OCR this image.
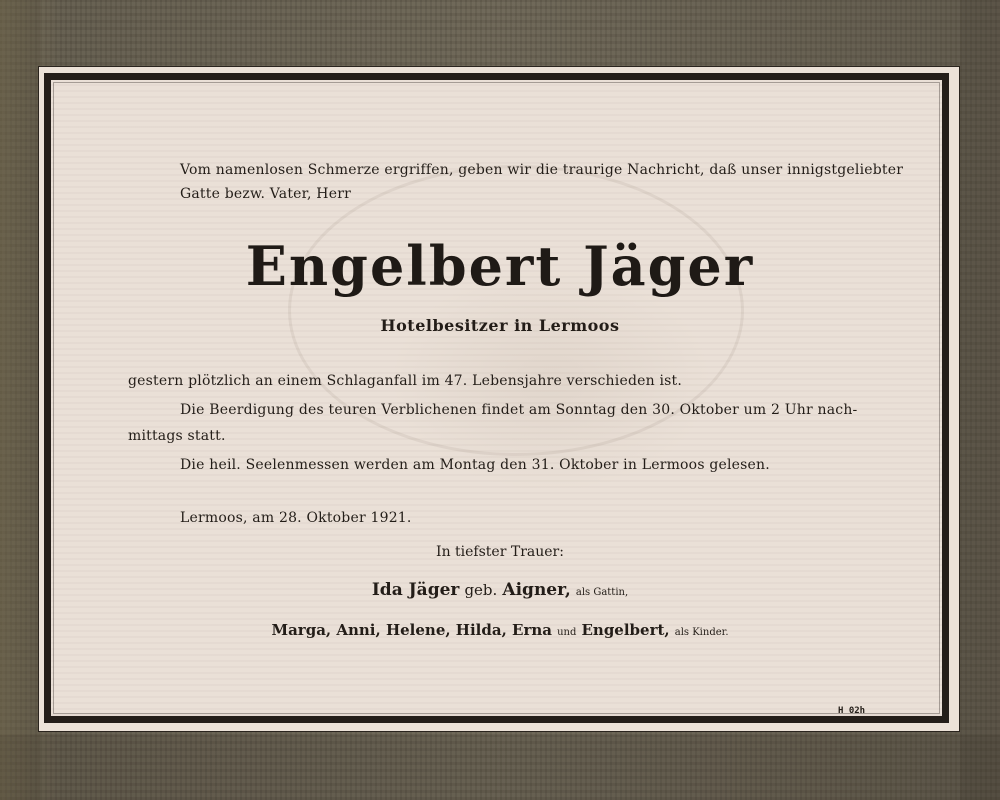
Vom namenlosen Schmerze ergriffen, geben wir die traurige Nachricht, daß unser innigstgeliebter
Gatte bezw. Vater, Herr
Engelbert Jäger
Hotelbesitzer in Lermoos
gestern plötzlich an einem Schlaganfall im 47. Lebensjahre verschieden ist.
Die Beerdigung des teuren Verblichenen findet am Sonntag den 30. Oktober um 2 Uhr nach-
mittags statt.
Die heil. Seelenmessen werden am Montag den 31. Oktober in Lermoos gelesen.
Lermoos, am 28. Oktober 1921.
In tiefster Trauer:
Ida Jäger geb. Aigner, als Gattin,
Marga, Anni, Helene, Hilda, Erna und Engelbert, als Kinder.
H 02h
